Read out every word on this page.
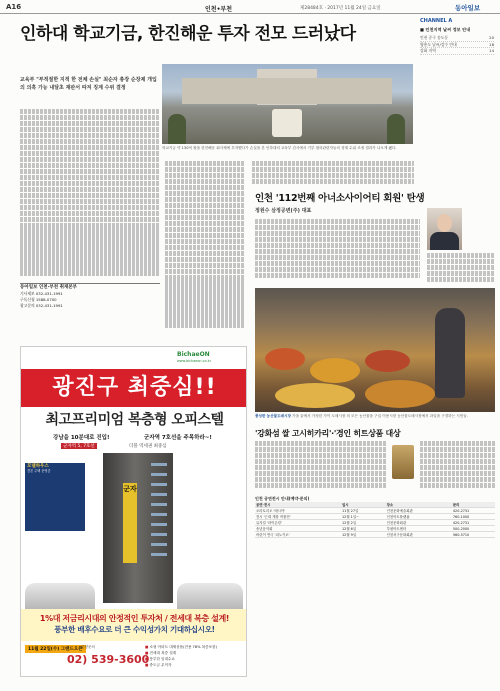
A16	인천•부천	제28484호 · 2017년 11월 24일 금요일	동아일보
인하대 학교기금, 한진해운 투자 전모 드러났다
교육부 "부적절한 지적 한 전체 손실" 최순자 총장 순장제 개입의 의혹 가능 내달초 재판서 따져 징계 수위 결정
학교기금 약 130억 원을 한진해운 회사채에 투자했다가 손실을 본 인하대의 교육부 감사에서 기부 혐의관련자들의 징계 수위 조정 결과가 나오게 됐다.
동아일보 인천·부천 취재본부
기사제보 032-431-1991
구독신청 1588-0700
광고문의 032-431-1991
CHANNEL A
■ 인천지역 날씨 정보 안내
인천 중구 송도동	20
영흥도 날씨/강수 안내	18
강화 지역	14
인천 '112번째 아너소사이어티 회원' 탄생
정원수 삼정공변(주) 대표
풍성한 농산물도매시장 가을 끝에서 가정한 가이 도매시장 의 모든 농산물을 구입 이용시장 농산물도매시장에서 과일을 구경하는 시민들.
'강화섬 쌀 고시히카리'·'경인 히트상품 대상
인천 공연전시 안내(예약·문의)
공연·전시	일시	장소	문의
오라토리오 '메시아'	11월 27일	인천문화예술회관	420-2731
전시 '근대 개항 작품전'	12월 1일~	인천아트플랫폼	760-1000
뮤지컬 '라이온킹'	12월 2일	인천문화회관	420-2731
송년음악회	12월 6일	부평아트센터	500-2000
어린이 연극 '피노키오'	12월 9일	인천서구문화회관	560-5710
BichaeON
www.bichaeon.co.kr
광진구 최중심!!
최고프리미엄 복층형 오피스텔
강남을 10분대로 진입!	군자역 7호선을 주목하라~!
군자역 5, 7호선	더블 역세권 최중심
모델하우스
견본 주택 운영중
군자
1%대 저금리시대의 안정적인 투자처 / 전세대 복층 설계!
풍부한 배후수요로 더 큰 수익성가치 기대하십시오!
11월 22일(수) 그랜드오픈
분양문의
02) 539-3600
■ 소형 아파트 대체상품(전용 78% 복층포함)
■ 전세대 복층 설계
■ 풍부한 임대수요
■ 중도금 무이자
